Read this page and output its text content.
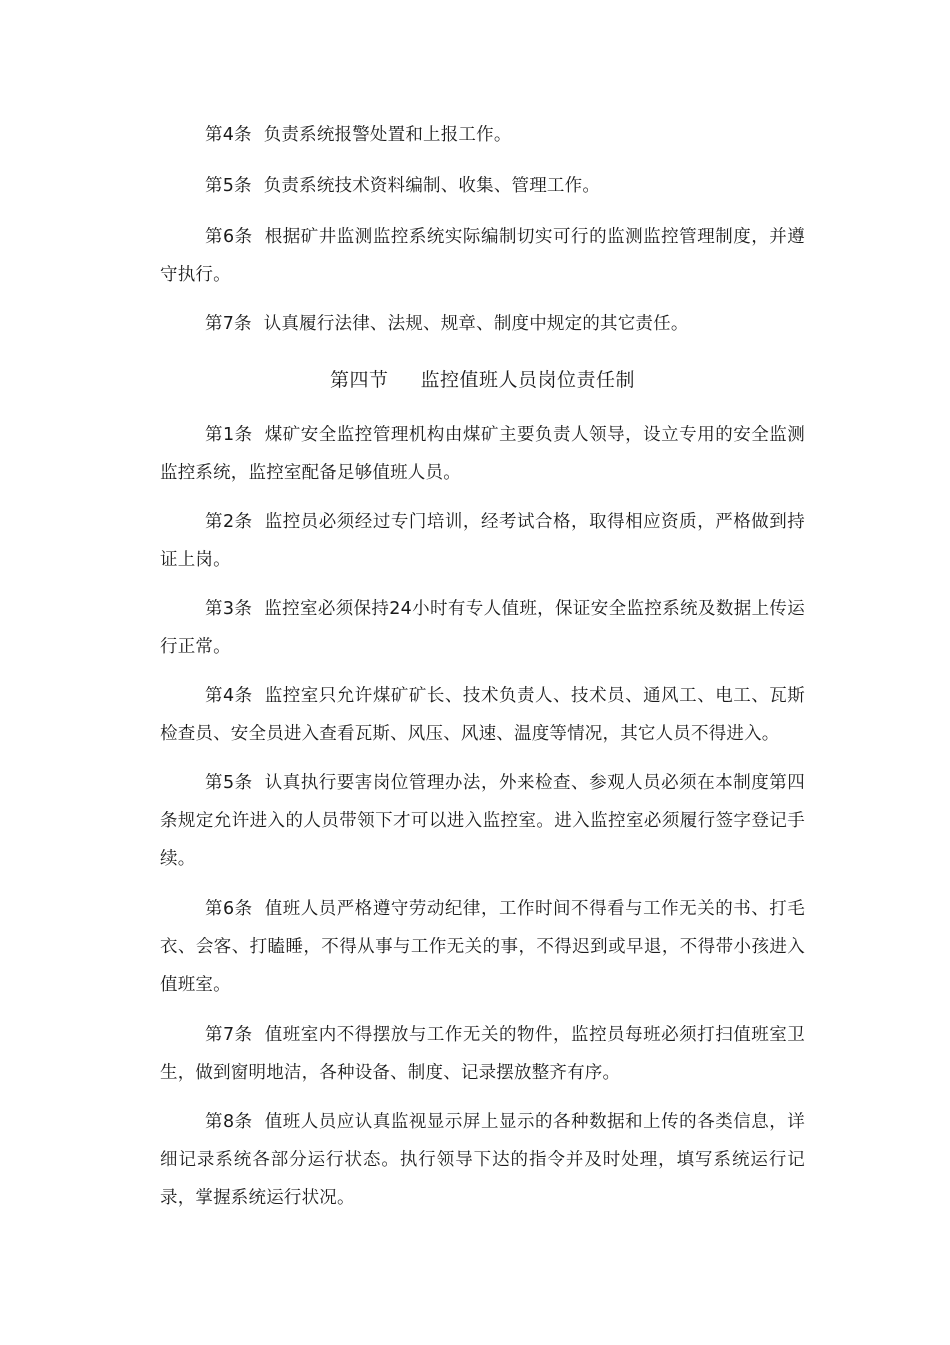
第4条 负责系统报警处置和上报工作。

第5条 负责系统技术资料编制、收集、管理工作。

第6条 根据矿井监测监控系统实际编制切实可行的监测监控管理制度，并遵守执行。

第7条 认真履行法律、法规、规章、制度中规定的其它责任。

第四节 监控值班人员岗位责任制

第1条 煤矿安全监控管理机构由煤矿主要负责人领导，设立专用的安全监测监控系统，监控室配备足够值班人员。

第2条 监控员必须经过专门培训，经考试合格，取得相应资质，严格做到持证上岗。

第3条 监控室必须保持24小时有专人值班，保证安全监控系统及数据上传运行正常。

第4条 监控室只允许煤矿矿长、技术负责人、技术员、通风工、电工、瓦斯检查员、安全员进入查看瓦斯、风压、风速、温度等情况，其它人员不得进入。

第5条 认真执行要害岗位管理办法，外来检查、参观人员必须在本制度第四条规定允许进入的人员带领下才可以进入监控室。进入监控室必须履行签字登记手续。

第6条 值班人员严格遵守劳动纪律，工作时间不得看与工作无关的书、打毛衣、会客、打瞌睡，不得从事与工作无关的事，不得迟到或早退，不得带小孩进入值班室。

第7条 值班室内不得摆放与工作无关的物件，监控员每班必须打扫值班室卫生，做到窗明地洁，各种设备、制度、记录摆放整齐有序。

第8条 值班人员应认真监视显示屏上显示的各种数据和上传的各类信息，详细记录系统各部分运行状态。执行领导下达的指令并及时处理，填写系统运行记录，掌握系统运行状况。
